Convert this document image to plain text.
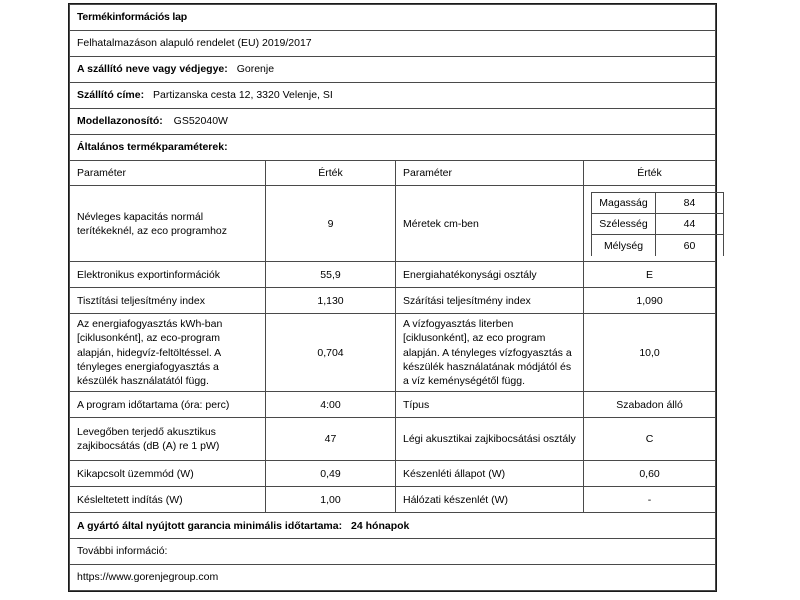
Termékinformációs lap
Felhatalmazáson alapuló rendelet (EU) 2019/2017
A szállító neve vagy védjegye: Gorenje
Szállító címe: Partizanska cesta 12, 3320 Velenje, SI
Modellazonosító: GS52040W
Általános termékparaméterek:
Paraméter	Érték	Paraméter	Érték
Névleges kapacitás normál terítékeknél, az eco programhoz	9	Méretek cm-ben	
Magasság	84
Szélesség	44
Mélység	60

Elektronikus exportinformációk	55,9	Energiahatékonysági osztály	E
Tisztítási teljesítmény index	1,130	Szárítási teljesítmény index	1,090
Az energiafogyasztás kWh-ban [ciklusonként], az eco-program alapján, hidegvíz-feltöltéssel. A tényleges energiafogyasztás a készülék használatától függ.	0,704	A vízfogyasztás literben [ciklusonként], az eco program alapján. A tényleges vízfogyasztás a készülék használatának módjától és a víz keménységétől függ.	10,0
A program időtartama (óra: perc)	4:00	Típus	Szabadon álló
Levegőben terjedő akusztikus zajkibocsátás (dB (A) re 1 pW)	47	Légi akusztikai zajkibocsátási osztály	C
Kikapcsolt üzemmód (W)	0,49	Készenléti állapot (W)	0,60
Késleltetett indítás (W)	1,00	Hálózati készenlét (W)	-
A gyártó által nyújtott garancia minimális időtartama: 24 hónapok
További információ:
https://www.gorenjegroup.com
